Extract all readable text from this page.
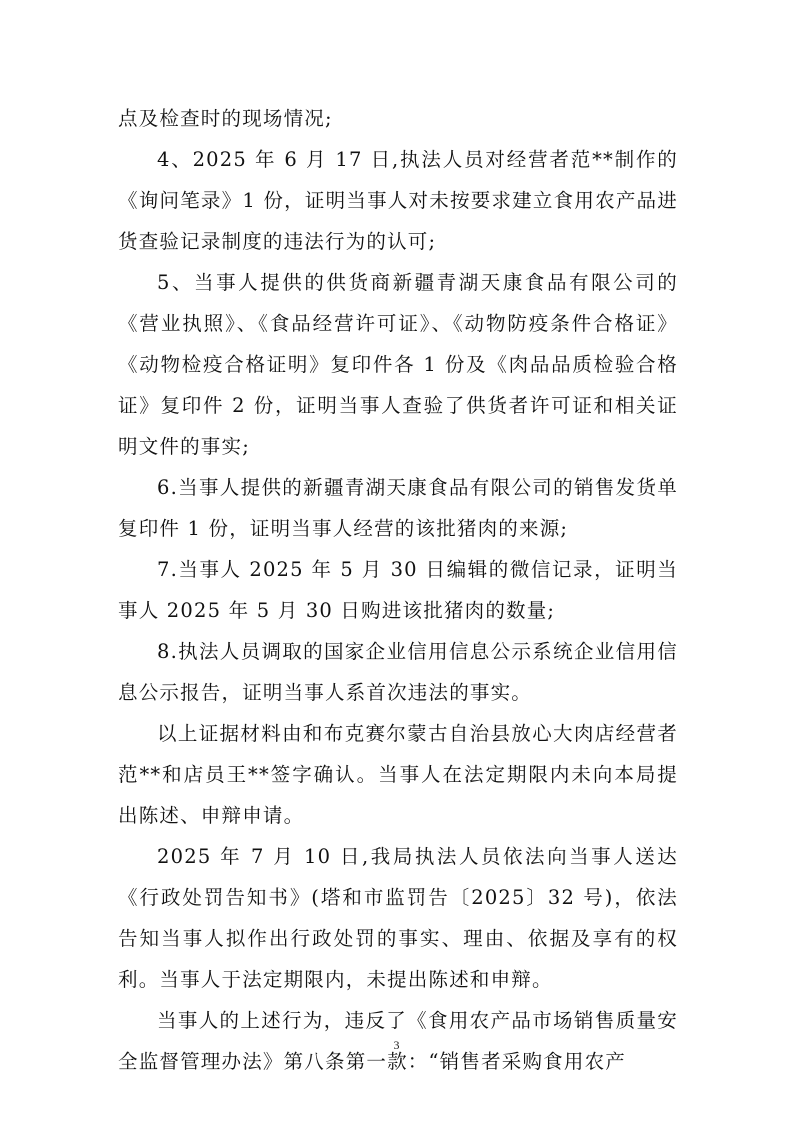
点及检查时的现场情况;

4、2025 年 6 月 17 日,执法人员对经营者范**制作的《询问笔录》1 份，证明当事人对未按要求建立食用农产品进货查验记录制度的违法行为的认可;

5、当事人提供的供货商新疆青湖天康食品有限公司的《营业执照》、《食品经营许可证》、《动物防疫条件合格证》《动物检疫合格证明》复印件各 1 份及《肉品品质检验合格证》复印件 2 份，证明当事人查验了供货者许可证和相关证明文件的事实;

6.当事人提供的新疆青湖天康食品有限公司的销售发货单复印件 1 份，证明当事人经营的该批猪肉的来源;

7.当事人 2025 年 5 月 30 日编辑的微信记录，证明当事人 2025 年 5 月 30 日购进该批猪肉的数量;

8.执法人员调取的国家企业信用信息公示系统企业信用信息公示报告，证明当事人系首次违法的事实。

以上证据材料由和布克赛尔蒙古自治县放心大肉店经营者范**和店员王**签字确认。当事人在法定期限内未向本局提出陈述、申辩申请。

2025 年 7 月 10 日,我局执法人员依法向当事人送达《行政处罚告知书》(塔和市监罚告〔2025〕32 号)，依法告知当事人拟作出行政处罚的事实、理由、依据及享有的权利。当事人于法定期限内，未提出陈述和申辩。

当事人的上述行为，违反了《食用农产品市场销售质量安全监督管理办法》第八条第一款：“销售者采购食用农产

3
